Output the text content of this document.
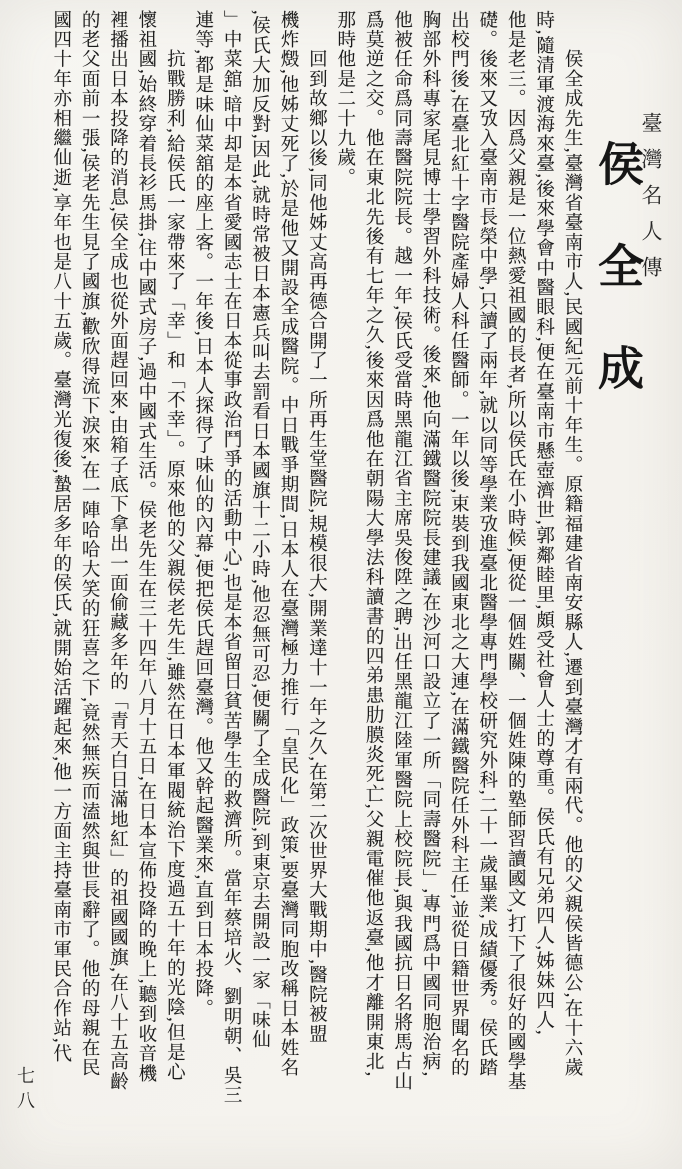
臺灣名人傳
侯全成
　　侯全成先生,臺灣省臺南市人,民國紀元前十年生。原籍福建省南安縣人,遷到臺灣才有兩代。他的父親侯皆德公,在十六歲
時,隨清軍渡海來臺,後來學會中醫眼科,便在臺南市懸壺濟世,郭鄰睦里,頗受社會人士的尊重。侯氏有兄弟四人,姊妹四人,
他是老三。因爲父親是一位熱愛祖國的長者,所以侯氏在小時候,便從一個姓關、一個姓陳的塾師習讀國文,打下了很好的國學基
礎。後來又攷入臺南市長榮中學,只讀了兩年,就以同等學業攷進臺北醫學專門學校研究外科,二十一歲畢業,成績優秀。侯氏踏
出校門後,在臺北紅十字醫院產婦人科任醫師。一年以後,束裝到我國東北之大連,在滿鐵醫院任外科主任,並從日籍世界聞名的
胸部外科專家尾見博士學習外科技術。後來,他向滿鐵醫院院長建議,在沙河口設立了一所「同壽醫院」,專門爲中國同胞治病,
他被任命爲同壽醫院院長。越一年,侯氏受當時黑龍江省主席吳俊陞之聘,出任黑龍江陸軍醫院上校院長,與我國抗日名將馬占山
爲莫逆之交。他在東北先後有七年之久,後來因爲他在朝陽大學法科讀書的四弟患肋膜炎死亡,父親電催他返臺,他才離開東北,
那時他是二十九歲。
　　回到故鄉以後,同他姊丈高再德合開了一所再生堂醫院,規模很大,開業達十一年之久,在第二次世界大戰期中,醫院被盟
機炸燬,他姊丈死了,於是他又開設全成醫院。中日戰爭期間,日本人在臺灣極力推行「皇民化」政策,要臺灣同胞改稱日本姓名
,侯氏大加反對,因此,就時常被日本憲兵叫去罰看日本國旗十二小時,他忍無可忍,便關了全成醫院,到東京去開設一家「味仙
」中菜舘,暗中却是本省愛國志士在日本從事政治鬥爭的活動中心,也是本省留日貧苦學生的救濟所。當年蔡培火、劉明朝、吳三
連等,都是味仙菜舘的座上客。一年後,日本人探得了味仙的內幕,便把侯氏趕回臺灣。他又幹起醫業來,直到日本投降。
　　抗戰勝利,給侯氏一家帶來了「幸」和「不幸」。原來他的父親侯老先生,雖然在日本軍閥統治下度過五十年的光陰,但是心
懷祖國,始終穿着長衫馬掛,住中國式房子,過中國式生活。侯老先生在三十四年八月十五日,在日本宣佈投降的晚上,聽到收音機
裡播出日本投降的消息,侯全成也從外面趕回來,由箱子底下拿出一面偷藏多年的「青天白日滿地紅」的祖國國旗,在八十五高齡
的老父面前一張,侯老先生見了國旗,歡欣得流下淚來,在一陣哈哈大笑的狂喜之下,竟然無疾而溘然與世長辭了。他的母親在民
國四十年亦相繼仙逝,享年也是八十五歲。臺灣光復後,蟄居多年的侯氏,就開始活躍起來,他一方面主持臺南市軍民合作站,代
七八
